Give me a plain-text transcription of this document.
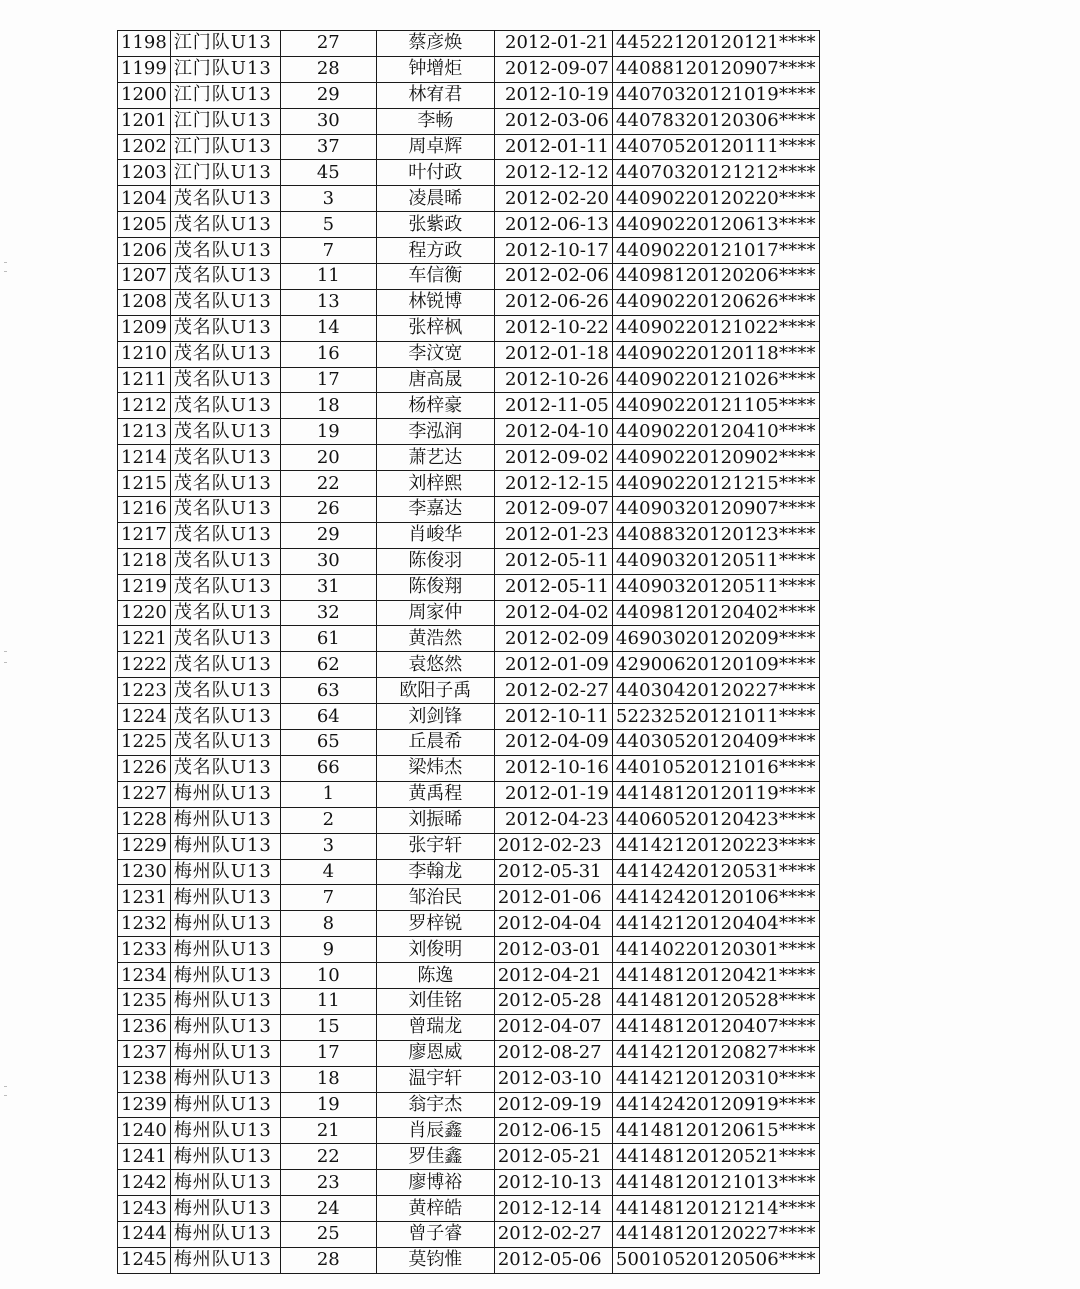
1198	江门队U13	27	蔡彦焕	2012-01-21	44522120120121****
1199	江门队U13	28	钟增炬	2012-09-07	44088120120907****
1200	江门队U13	29	林宥君	2012-10-19	44070320121019****
1201	江门队U13	30	李畅	2012-03-06	44078320120306****
1202	江门队U13	37	周卓辉	2012-01-11	44070520120111****
1203	江门队U13	45	叶付政	2012-12-12	44070320121212****
1204	茂名队U13	3	凌晨晞	2012-02-20	44090220120220****
1205	茂名队U13	5	张紫政	2012-06-13	44090220120613****
1206	茂名队U13	7	程方政	2012-10-17	44090220121017****
1207	茂名队U13	11	车信衡	2012-02-06	44098120120206****
1208	茂名队U13	13	林锐博	2012-06-26	44090220120626****
1209	茂名队U13	14	张梓枫	2012-10-22	44090220121022****
1210	茂名队U13	16	李汶宽	2012-01-18	44090220120118****
1211	茂名队U13	17	唐高晟	2012-10-26	44090220121026****
1212	茂名队U13	18	杨梓豪	2012-11-05	44090220121105****
1213	茂名队U13	19	李泓润	2012-04-10	44090220120410****
1214	茂名队U13	20	萧艺达	2012-09-02	44090220120902****
1215	茂名队U13	22	刘梓熙	2012-12-15	44090220121215****
1216	茂名队U13	26	李嘉达	2012-09-07	44090320120907****
1217	茂名队U13	29	肖峻华	2012-01-23	44088320120123****
1218	茂名队U13	30	陈俊羽	2012-05-11	44090320120511****
1219	茂名队U13	31	陈俊翔	2012-05-11	44090320120511****
1220	茂名队U13	32	周家仲	2012-04-02	44098120120402****
1221	茂名队U13	61	黄浩然	2012-02-09	46903020120209****
1222	茂名队U13	62	袁悠然	2012-01-09	42900620120109****
1223	茂名队U13	63	欧阳子禹	2012-02-27	44030420120227****
1224	茂名队U13	64	刘剑锋	2012-10-11	52232520121011****
1225	茂名队U13	65	丘晨希	2012-04-09	44030520120409****
1226	茂名队U13	66	梁炜杰	2012-10-16	44010520121016****
1227	梅州队U13	1	黄禹程	2012-01-19	44148120120119****
1228	梅州队U13	2	刘振晞	2012-04-23	44060520120423****
1229	梅州队U13	3	张宇轩	2012-02-23	44142120120223****
1230	梅州队U13	4	李翰龙	2012-05-31	44142420120531****
1231	梅州队U13	7	邹治民	2012-01-06	44142420120106****
1232	梅州队U13	8	罗梓锐	2012-04-04	44142120120404****
1233	梅州队U13	9	刘俊明	2012-03-01	44140220120301****
1234	梅州队U13	10	陈逸	2012-04-21	44148120120421****
1235	梅州队U13	11	刘佳铭	2012-05-28	44148120120528****
1236	梅州队U13	15	曾瑞龙	2012-04-07	44148120120407****
1237	梅州队U13	17	廖恩威	2012-08-27	44142120120827****
1238	梅州队U13	18	温宇轩	2012-03-10	44142120120310****
1239	梅州队U13	19	翁宇杰	2012-09-19	44142420120919****
1240	梅州队U13	21	肖辰鑫	2012-06-15	44148120120615****
1241	梅州队U13	22	罗佳鑫	2012-05-21	44148120120521****
1242	梅州队U13	23	廖博裕	2012-10-13	44148120121013****
1243	梅州队U13	24	黄梓皓	2012-12-14	44148120121214****
1244	梅州队U13	25	曾子睿	2012-02-27	44148120120227****
1245	梅州队U13	28	莫钧惟	2012-05-06	50010520120506****
